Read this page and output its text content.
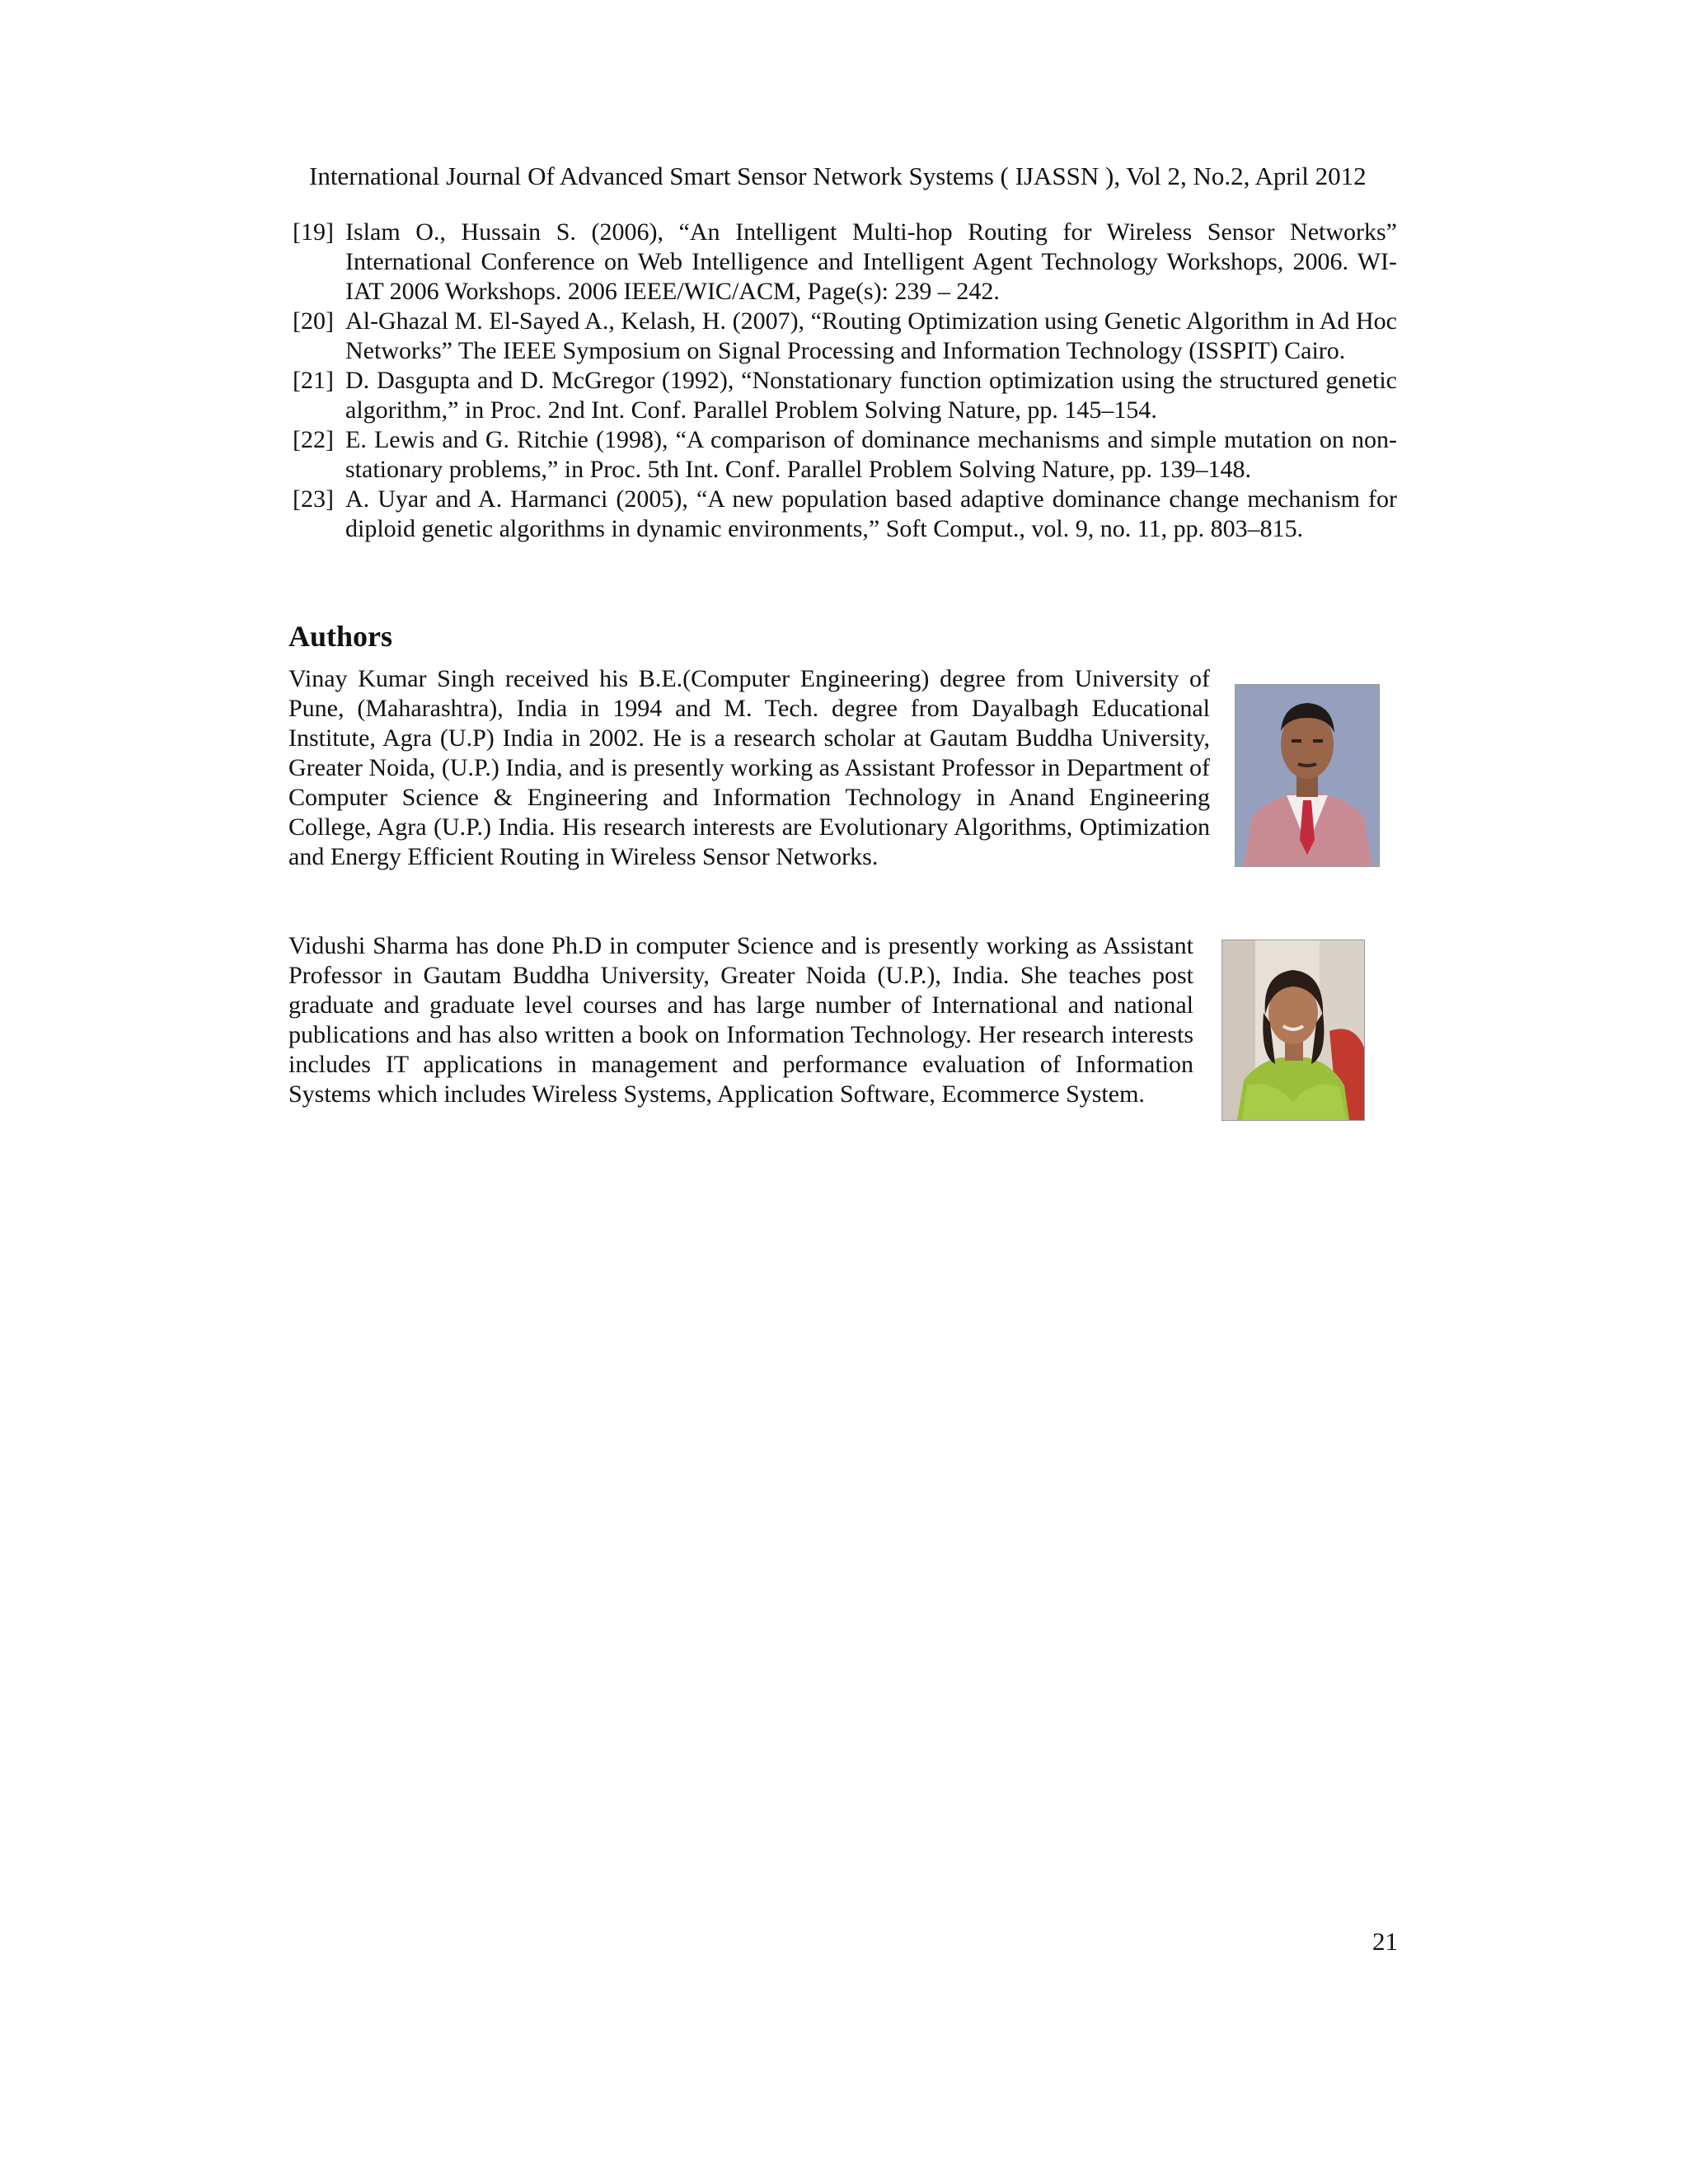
International Journal Of Advanced Smart Sensor Network Systems ( IJASSN ), Vol 2, No.2, April 2012
[19] Islam O., Hussain S. (2006), “An Intelligent Multi-hop Routing for Wireless Sensor Networks” International Conference on Web Intelligence and Intelligent Agent Technology Workshops, 2006. WI-IAT 2006 Workshops. 2006 IEEE/WIC/ACM, Page(s): 239 – 242.
[20] Al-Ghazal M. El-Sayed A., Kelash, H. (2007), “Routing Optimization using Genetic Algorithm in Ad Hoc Networks” The IEEE Symposium on Signal Processing and Information Technology (ISSPIT) Cairo.
[21] D. Dasgupta and D. McGregor (1992), “Nonstationary function optimization using the structured genetic algorithm,” in Proc. 2nd Int. Conf. Parallel Problem Solving Nature, pp. 145–154.
[22] E. Lewis and G. Ritchie (1998), “A comparison of dominance mechanisms and simple mutation on non-stationary problems,” in Proc. 5th Int. Conf. Parallel Problem Solving Nature, pp. 139–148.
[23] A. Uyar and A. Harmanci (2005), “A new population based adaptive dominance change mechanism for diploid genetic algorithms in dynamic environments,” Soft Comput., vol. 9, no. 11, pp. 803–815.
Authors
Vinay Kumar Singh received his B.E.(Computer Engineering) degree from University of Pune, (Maharashtra), India in 1994 and M. Tech. degree from Dayalbagh Educational Institute, Agra (U.P) India in 2002. He is a research scholar at Gautam Buddha University, Greater Noida, (U.P.) India, and is presently working as Assistant Professor in Department of Computer Science & Engineering and Information Technology in Anand Engineering College, Agra (U.P.) India. His research interests are Evolutionary Algorithms, Optimization and Energy Efficient Routing in Wireless Sensor Networks.
Vidushi Sharma has done Ph.D in computer Science and is presently working as Assistant Professor in Gautam Buddha University, Greater Noida (U.P.), India. She teaches post graduate and graduate level courses and has large number of International and national publications and has also written a book on Information Technology. Her research interests includes IT applications in management and performance evaluation of Information Systems which includes Wireless Systems, Application Software, Ecommerce System.
21
